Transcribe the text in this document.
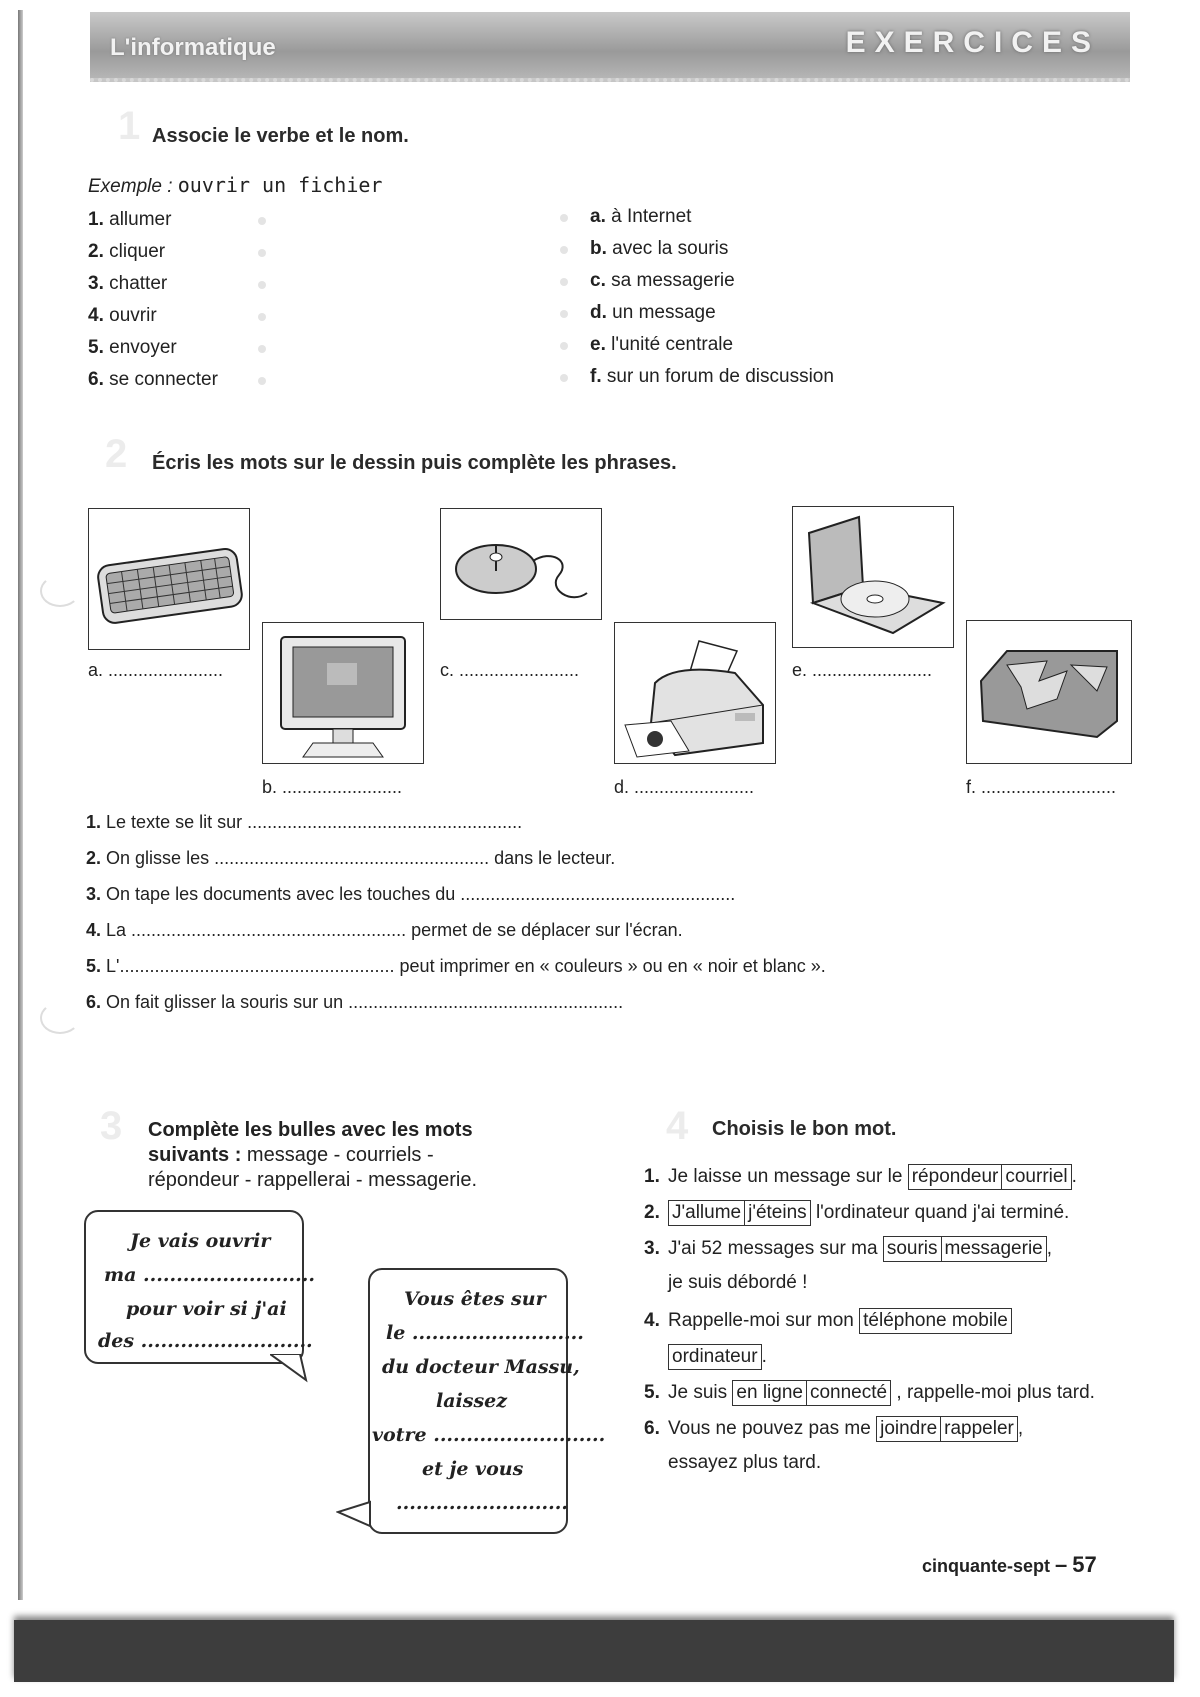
L'informatique	EXERCICES
1 Associe le verbe et le nom.
Exemple : ouvrir un fichier
1. allumer
2. cliquer
3. chatter
4. ouvrir
5. envoyer
6. se connecter
a. à Internet
b. avec la souris
c. sa messagerie
d. un message
e. l'unité centrale
f. sur un forum de discussion
2 Écris les mots sur le dessin puis complète les phrases.
a. .......................
b. ........................
c. ........................
d. ........................
e. ........................
f. ...........................
1. Le texte se lit sur .......................................................
2. On glisse les ....................................................... dans le lecteur.
3. On tape les documents avec les touches du .......................................................
4. La ....................................................... permet de se déplacer sur l'écran.
5. L'....................................................... peut imprimer en « couleurs » ou en « noir et blanc ».
6. On fait glisser la souris sur un .......................................................
3 Complète les bulles avec les mots
suivants : message - courriels -
répondeur - rappellerai - messagerie.
Je vais ouvrir
ma ..........................
pour voir si j'ai
des ..........................
Vous êtes sur
le ..........................
du docteur Massu,
laissez
votre ..........................
et je vous
..........................
4 Choisis le bon mot.
1. Je laisse un message sur le répondeur courriel .
2. J'allume j'éteins l'ordinateur quand j'ai terminé.
3. J'ai 52 messages sur ma souris messagerie ,
je suis débordé !
4. Rappelle-moi sur mon téléphone mobile
ordinateur .
5. Je suis en ligne connecté , rappelle-moi plus tard.
6. Vous ne pouvez pas me joindre rappeler ,
essayez plus tard.
cinquante-sept – 57
